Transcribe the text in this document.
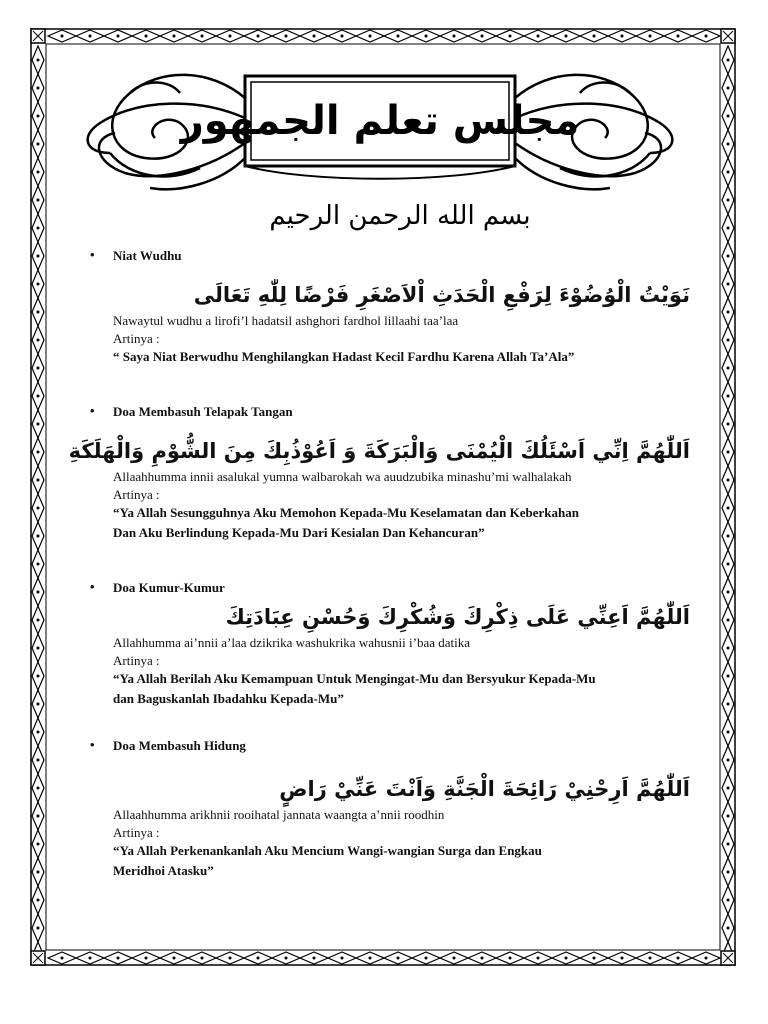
مجلس تعلم الجمهور
بسم الله الرحمن الرحيم
• Niat Wudhu
نَوَيْتُ الْوُضُوْءَ لِرَفْعِ الْحَدَثِ اْلاَصْغَرِ فَرْضًا لِلّٰهِ تَعَالَى
Nawaytul wudhu a lirofi’l hadatsil ashghori fardhol lillaahi taa’laa
Artinya :
“ Saya Niat Berwudhu Menghilangkan Hadast Kecil Fardhu Karena Allah Ta’Ala”
• Doa Membasuh Telapak Tangan
اَللّٰهُمَّ اِنِّي اَسْئَلُكَ الْيُمْنَى وَالْبَرَكَةَ وَ اَعُوْذُبِكَ مِنَ الشُّوْمِ وَالْهَلَكَةِ
Allaahhumma innii asalukal yumna walbarokah wa auudzubika minashu’mi walhalakah
Artinya :
“Ya Allah Sesungguhnya Aku Memohon Kepada-Mu Keselamatan dan Keberkahan
Dan Aku Berlindung Kepada-Mu Dari Kesialan Dan Kehancuran”
• Doa Kumur-Kumur
اَللّٰهُمَّ اَعِنِّي عَلَى ذِكْرِكَ وَشُكْرِكَ وَحُسْنِ عِبَادَتِكَ
Allahhumma ai’nnii a’laa dzikrika washukrika wahusnii i’baa datika
Artinya :
“Ya Allah Berilah Aku Kemampuan Untuk Mengingat-Mu dan Bersyukur Kepada-Mu
dan Baguskanlah Ibadahku Kepada-Mu”
• Doa Membasuh Hidung
اَللّٰهُمَّ اَرِحْنِيْ رَائِحَةَ الْجَنَّةِ وَاَنْتَ عَنِّيْ رَاضٍ
Allaahhumma arikhnii rooihatal jannata waangta a’nnii roodhin
Artinya :
“Ya Allah Perkenankanlah Aku Mencium Wangi-wangian Surga dan Engkau
Meridhoi Atasku”
